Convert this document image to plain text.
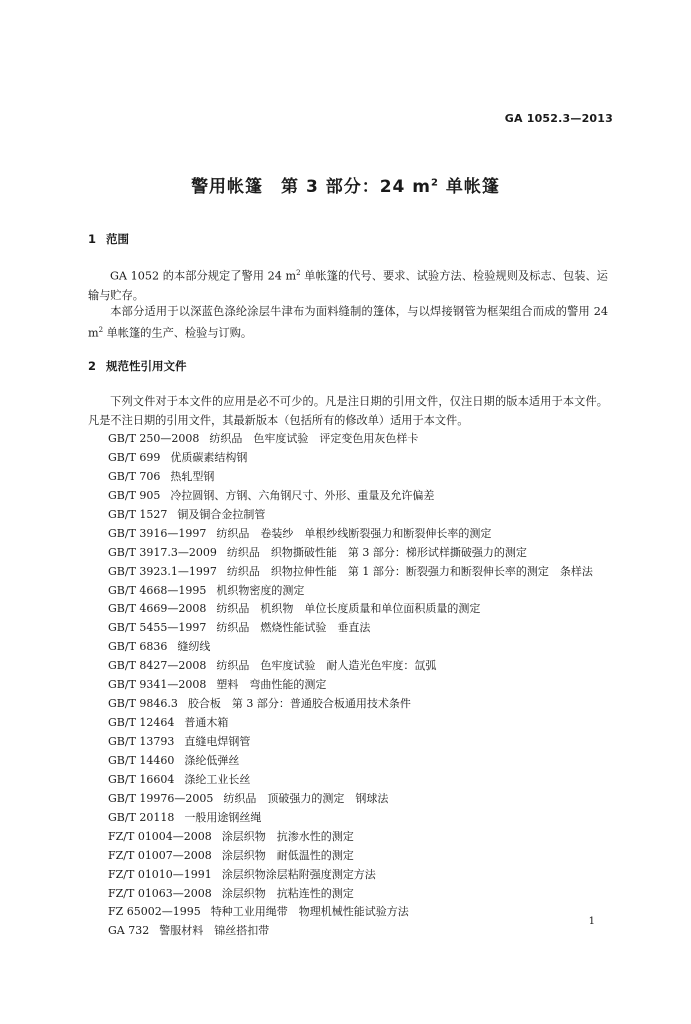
GA 1052.3—2013
警用帐篷　第 3 部分：24 $m^2$ 单帐篷
1 范围
GA 1052 的本部分规定了警用 24 $m^2$ 单帐篷的代号、要求、试验方法、检验规则及标志、包装、运输与贮存。
本部分适用于以深蓝色涤纶涂层牛津布为面料缝制的篷体，与以焊接钢管为框架组合而成的警用 24 $m^2$ 单帐篷的生产、检验与订购。
2 规范性引用文件
下列文件对于本文件的应用是必不可少的。凡是注日期的引用文件，仅注日期的版本适用于本文件。凡是不注日期的引用文件，其最新版本（包括所有的修改单）适用于本文件。
GB/T 250—2008 纺织品　色牢度试验　评定变色用灰色样卡
GB/T 699 优质碳素结构钢
GB/T 706 热轧型钢
GB/T 905 冷拉圆钢、方钢、六角钢尺寸、外形、重量及允许偏差
GB/T 1527 铜及铜合金拉制管
GB/T 3916—1997 纺织品　卷装纱　单根纱线断裂强力和断裂伸长率的测定
GB/T 3917.3—2009 纺织品　织物撕破性能　第 3 部分：梯形试样撕破强力的测定
GB/T 3923.1—1997 纺织品　织物拉伸性能　第 1 部分：断裂强力和断裂伸长率的测定　条样法
GB/T 4668—1995 机织物密度的测定
GB/T 4669—2008 纺织品　机织物　单位长度质量和单位面积质量的测定
GB/T 5455—1997 纺织品　燃烧性能试验　垂直法
GB/T 6836 缝纫线
GB/T 8427—2008 纺织品　色牢度试验　耐人造光色牢度：氙弧
GB/T 9341—2008 塑料　弯曲性能的测定
GB/T 9846.3 胶合板　第 3 部分：普通胶合板通用技术条件
GB/T 12464 普通木箱
GB/T 13793 直缝电焊钢管
GB/T 14460 涤纶低弹丝
GB/T 16604 涤纶工业长丝
GB/T 19976—2005 纺织品　顶破强力的测定　钢球法
GB/T 20118 一般用途钢丝绳
FZ/T 01004—2008 涂层织物　抗渗水性的测定
FZ/T 01007—2008 涂层织物　耐低温性的测定
FZ/T 01010—1991 涂层织物涂层粘附强度测定方法
FZ/T 01063—2008 涂层织物　抗粘连性的测定
FZ 65002—1995 特种工业用绳带　物理机械性能试验方法
GA 732 警服材料　锦丝搭扣带
1
